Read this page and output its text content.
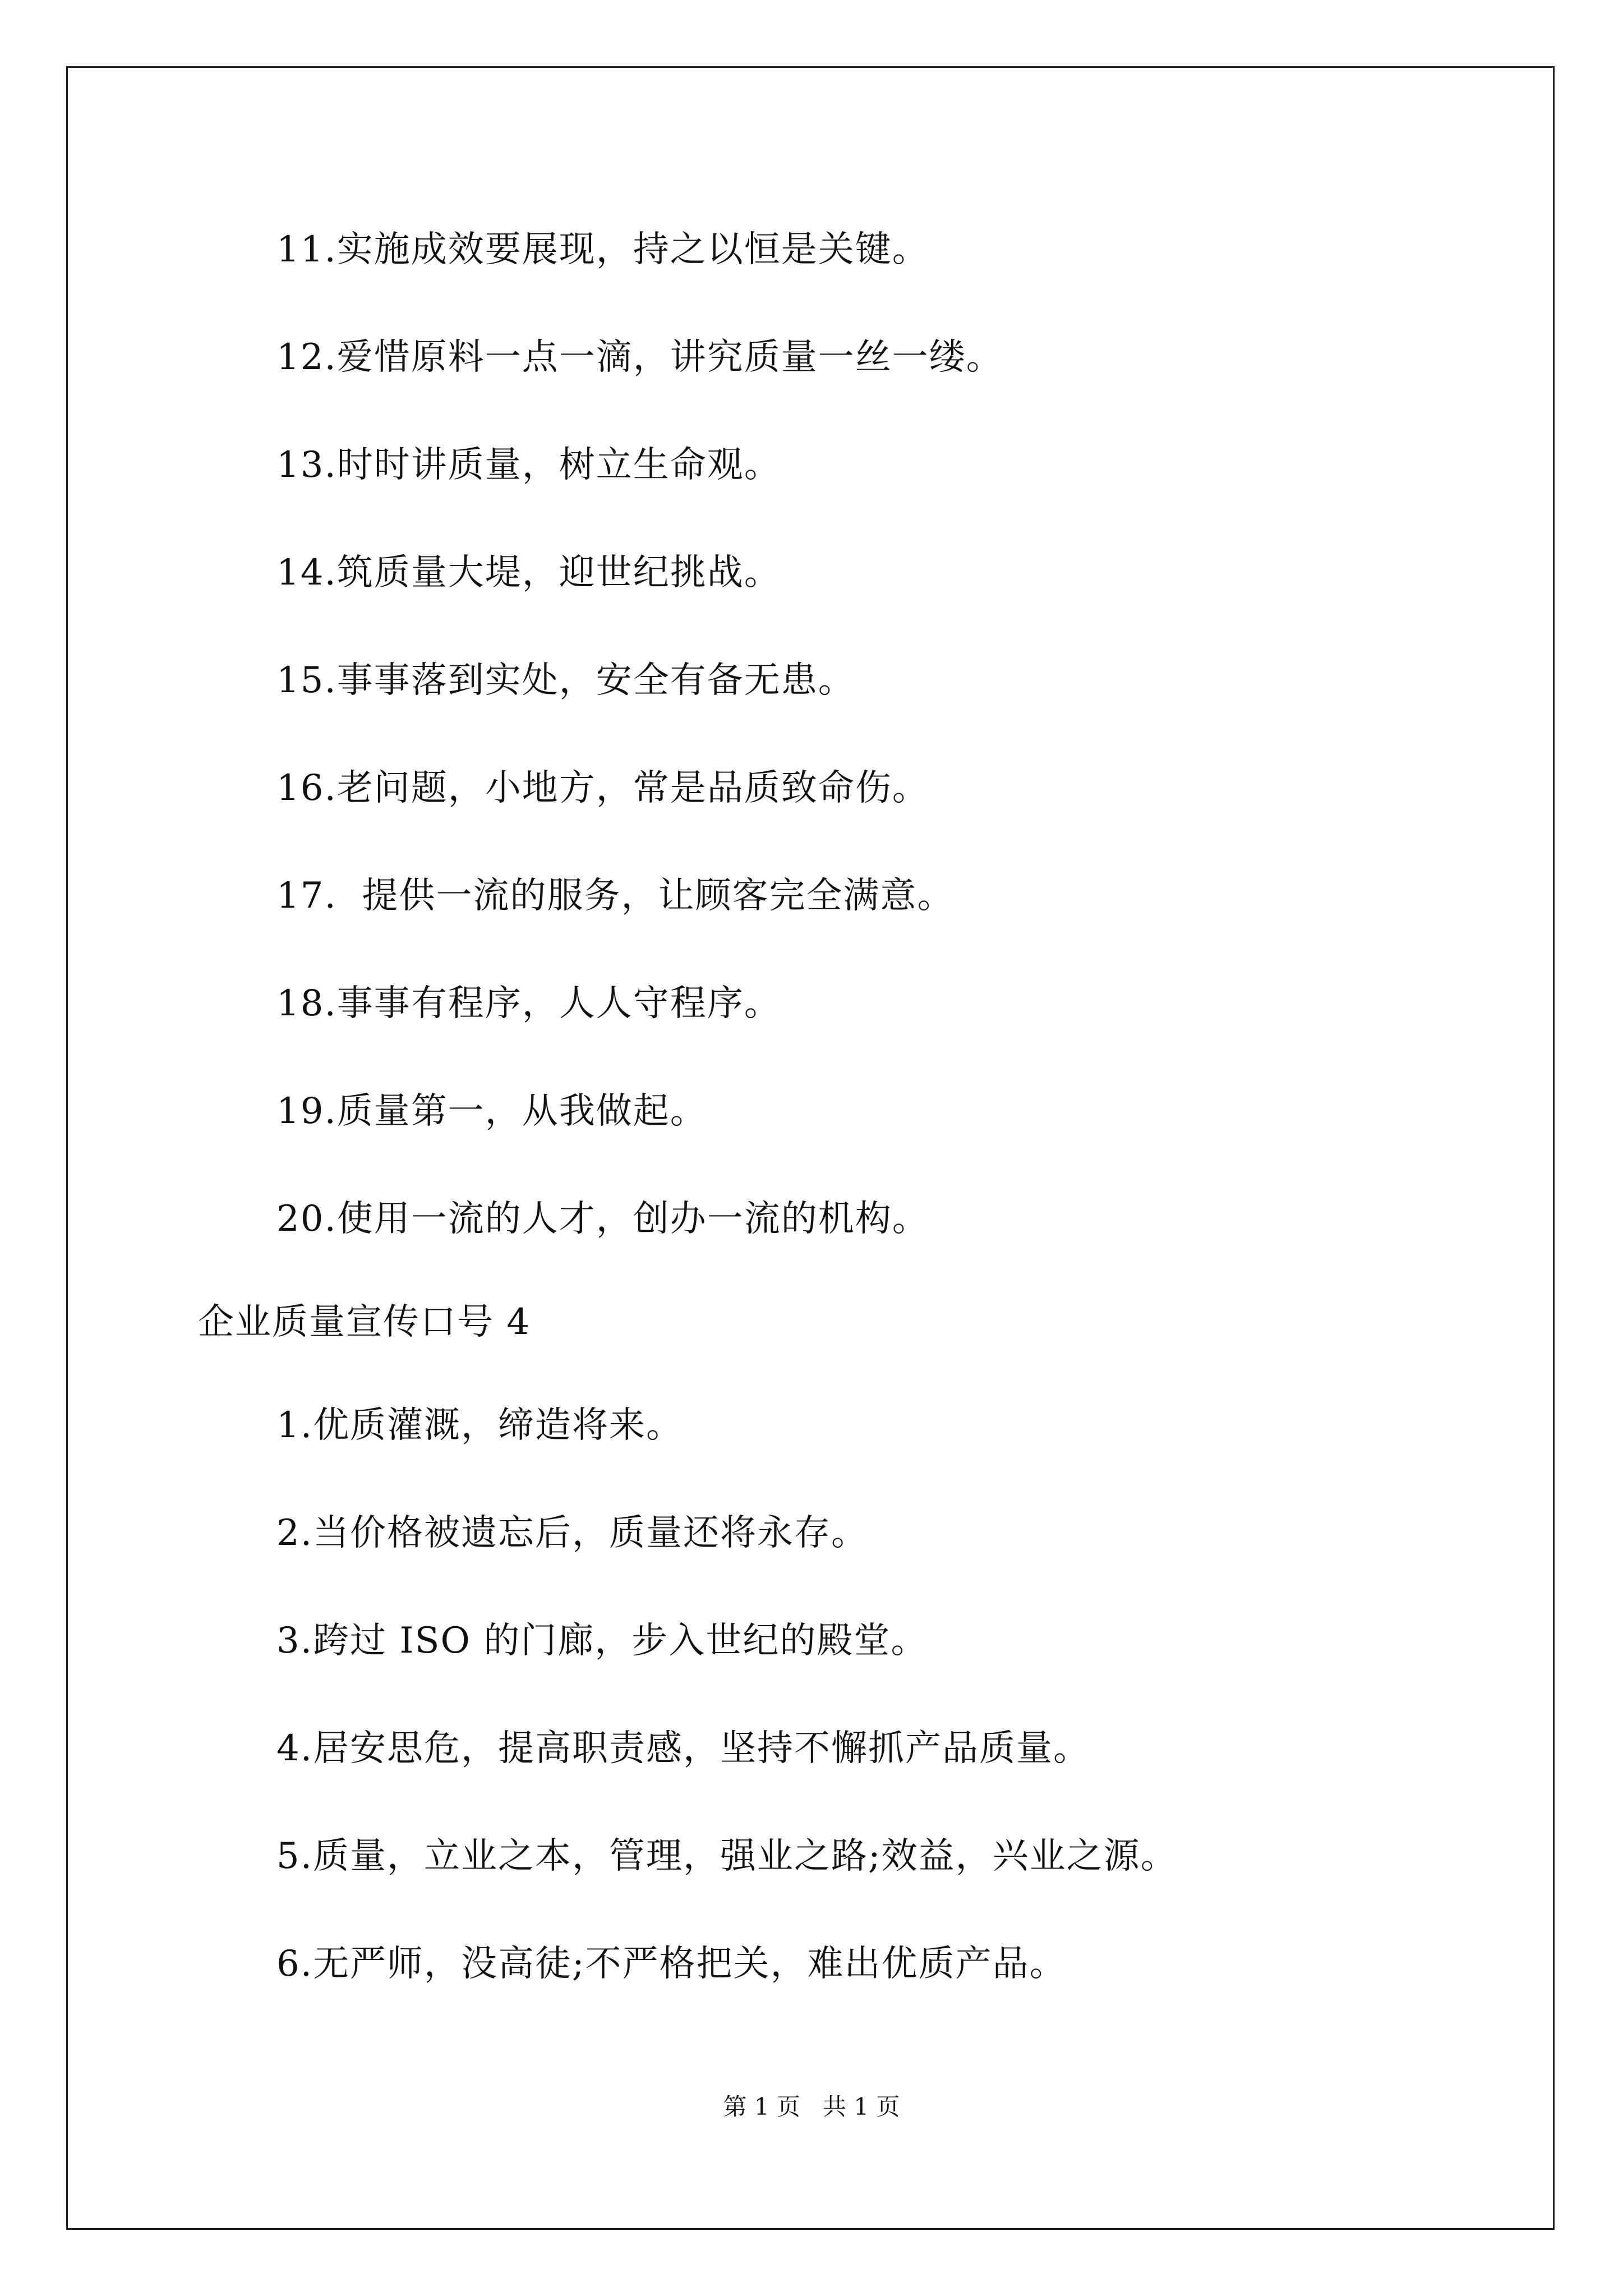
11.实施成效要展现，持之以恒是关键。
12.爱惜原料一点一滴，讲究质量一丝一缕。
13.时时讲质量，树立生命观。
14.筑质量大堤，迎世纪挑战。
15.事事落到实处，安全有备无患。
16.老问题，小地方，常是品质致命伤。
17.  提供一流的服务，让顾客完全满意。
18.事事有程序，人人守程序。
19.质量第一，从我做起。
20.使用一流的人才，创办一流的机构。
企业质量宣传口号 4
1.优质灌溉，缔造将来。
2.当价格被遗忘后，质量还将永存。
3.跨过 ISO 的门廊，步入世纪的殿堂。
4.居安思危，提高职责感，坚持不懈抓产品质量。
5.质量，立业之本，管理，强业之路;效益，兴业之源。
6.无严师，没高徒;不严格把关，难出优质产品。
第 1 页   共 1 页
